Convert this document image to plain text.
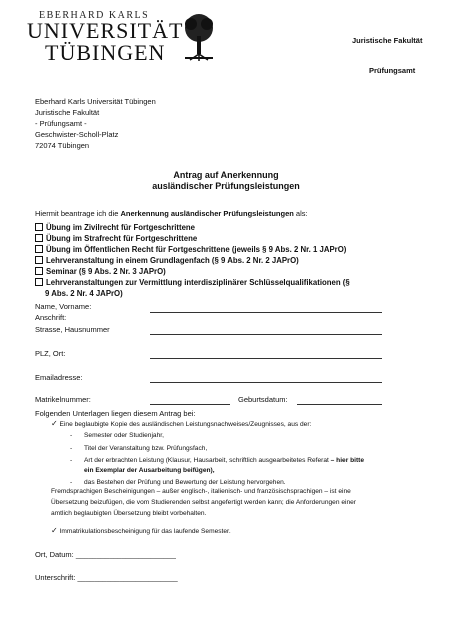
EBERHARD KARLS
UNIVERSITÄT
TÜBINGEN	Juristische Fakultät
Prüfungsamt
Eberhard Karls Universität Tübingen
Juristische Fakultät
- Prüfungsamt -
Geschwister-Scholl-Platz
72074 Tübingen
Antrag auf Anerkennung
ausländischer Prüfungsleistungen
Hiermit beantrage ich die Anerkennung ausländischer Prüfungsleistungen als:
Übung im Zivilrecht für Fortgeschrittene
Übung im Strafrecht für Fortgeschrittene
Übung im Öffentlichen Recht für Fortgeschrittene (jeweils § 9 Abs. 2 Nr. 1 JAPrO)
Lehrveranstaltung in einem Grundlagenfach (§ 9 Abs. 2 Nr. 2 JAPrO)
Seminar (§ 9 Abs. 2 Nr. 3 JAPrO)
Lehrveranstaltungen zur Vermittlung interdisziplinärer Schlüsselqualifikationen (§
9 Abs. 2 Nr. 4 JAPrO)
Name, Vorname:
Anschrift:
Strasse, Hausnummer
PLZ, Ort:
Emailadresse:
Matrikelnummer:	Geburtsdatum:
Folgenden Unterlagen liegen diesem Antrag bei:
✓ Eine beglaubigte Kopie des ausländischen Leistungsnachweises/Zeugnisses, aus der:
- Semester oder Studienjahr,
- Titel der Veranstaltung bzw. Prüfungsfach,
- Art der erbrachten Leistung (Klausur, Hausarbeit, schriftlich ausgearbeitetes Referat – hier bitte
ein Exemplar der Ausarbeitung beifügen),
- das Bestehen der Prüfung und Bewertung der Leistung hervorgehen.
Fremdsprachigen Bescheinigungen – außer englisch-, italienisch- und französischsprachigen – ist eine
Übersetzung beizufügen, die vom Studierenden selbst angefertigt werden kann; die Anforderungen einer
amtlich beglaubigten Übersetzung bleibt vorbehalten.
✓ Immatrikulationsbescheinigung für das laufende Semester.
Ort, Datum: ________________________
Unterschrift: ________________________
